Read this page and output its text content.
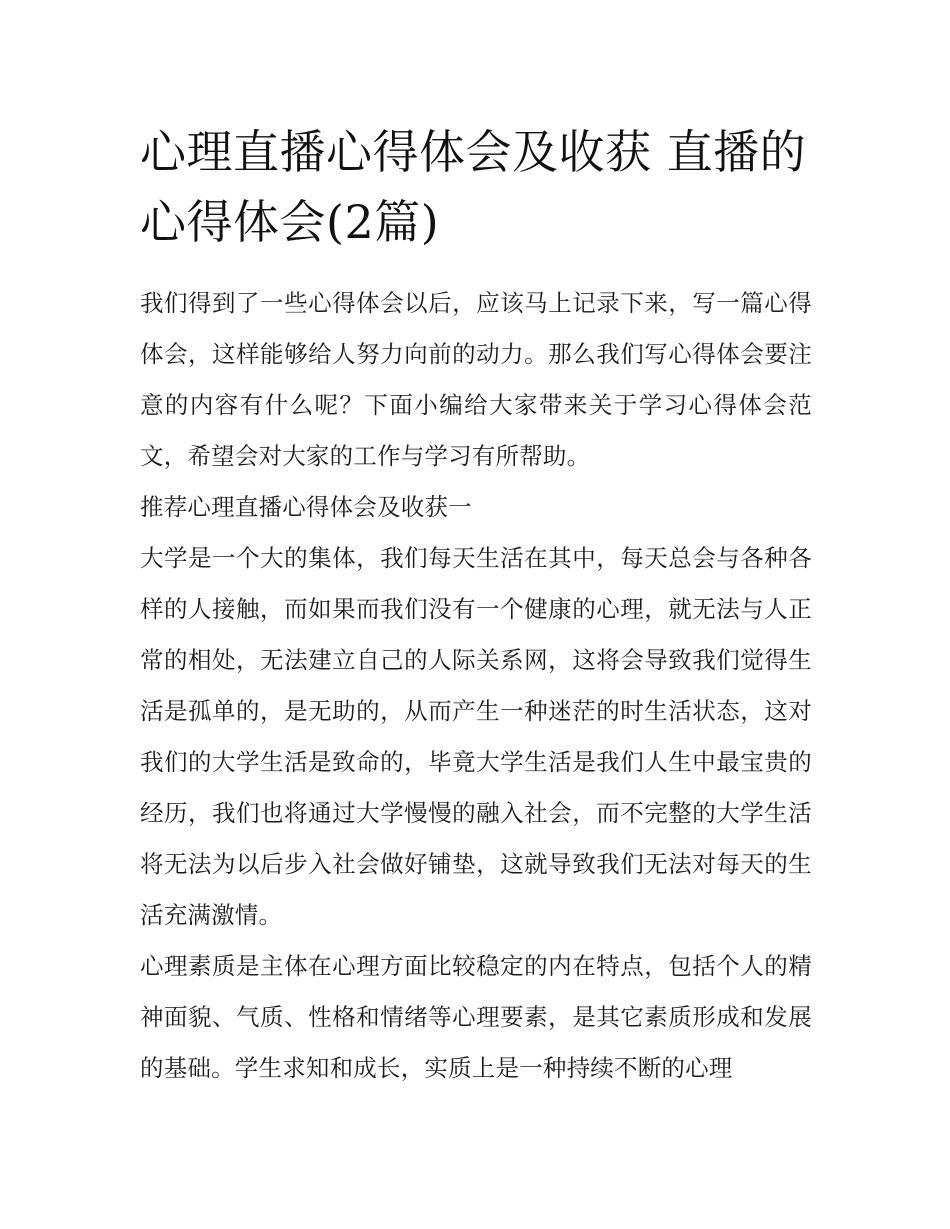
心理直播心得体会及收获 直播的心得体会(2篇)

我们得到了一些心得体会以后，应该马上记录下来，写一篇心得体会，这样能够给人努力向前的动力。那么我们写心得体会要注意的内容有什么呢？下面小编给大家带来关于学习心得体会范文，希望会对大家的工作与学习有所帮助。

推荐心理直播心得体会及收获一

大学是一个大的集体，我们每天生活在其中，每天总会与各种各样的人接触，而如果而我们没有一个健康的心理，就无法与人正常的相处，无法建立自己的人际关系网，这将会导致我们觉得生活是孤单的，是无助的，从而产生一种迷茫的时生活状态，这对我们的大学生活是致命的，毕竟大学生活是我们人生中最宝贵的经历，我们也将通过大学慢慢的融入社会，而不完整的大学生活将无法为以后步入社会做好铺垫，这就导致我们无法对每天的生活充满激情。

心理素质是主体在心理方面比较稳定的内在特点，包括个人的精神面貌、气质、性格和情绪等心理要素，是其它素质形成和发展的基础。学生求知和成长，实质上是一种持续不断的心理
